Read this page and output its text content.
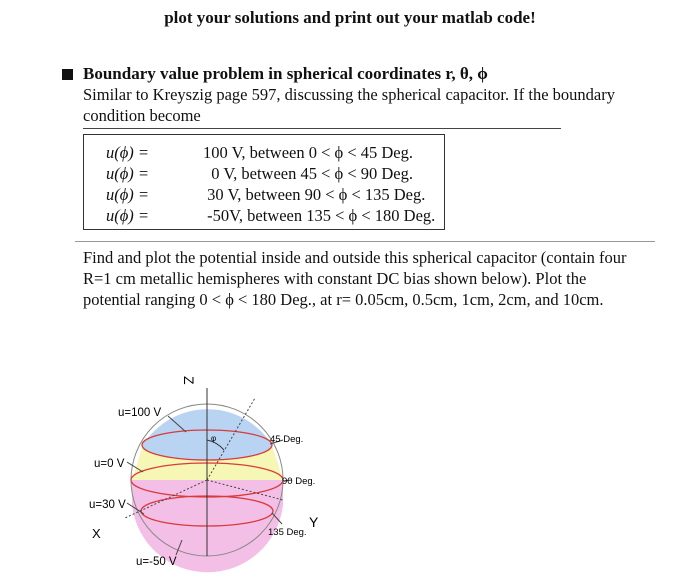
plot your solutions and print out your matlab code!
Boundary value problem in spherical coordinates r, θ, ϕ
Similar to Kreyszig page 597, discussing the spherical capacitor. If the boundary condition become
u(ϕ) =	100 V, between 0 < ϕ < 45 Deg.
u(ϕ) =	0 V, between 45 < ϕ < 90 Deg.
u(ϕ) =	30 V, between 90 < ϕ < 135 Deg.
u(ϕ) =	-50V, between 135 < ϕ < 180 Deg.
Find and plot the potential inside and outside this spherical capacitor (contain four R=1 cm metallic hemispheres with constant DC bias shown below). Plot the potential ranging 0 < ϕ < 180 Deg., at r= 0.05cm, 0.5cm, 1cm, 2cm, and 10cm.
Z
u=100 V
u=0 V
u=30 V
X
u=-50 V
45 Deg.
90 Deg.
135 Deg.
Y
φ
